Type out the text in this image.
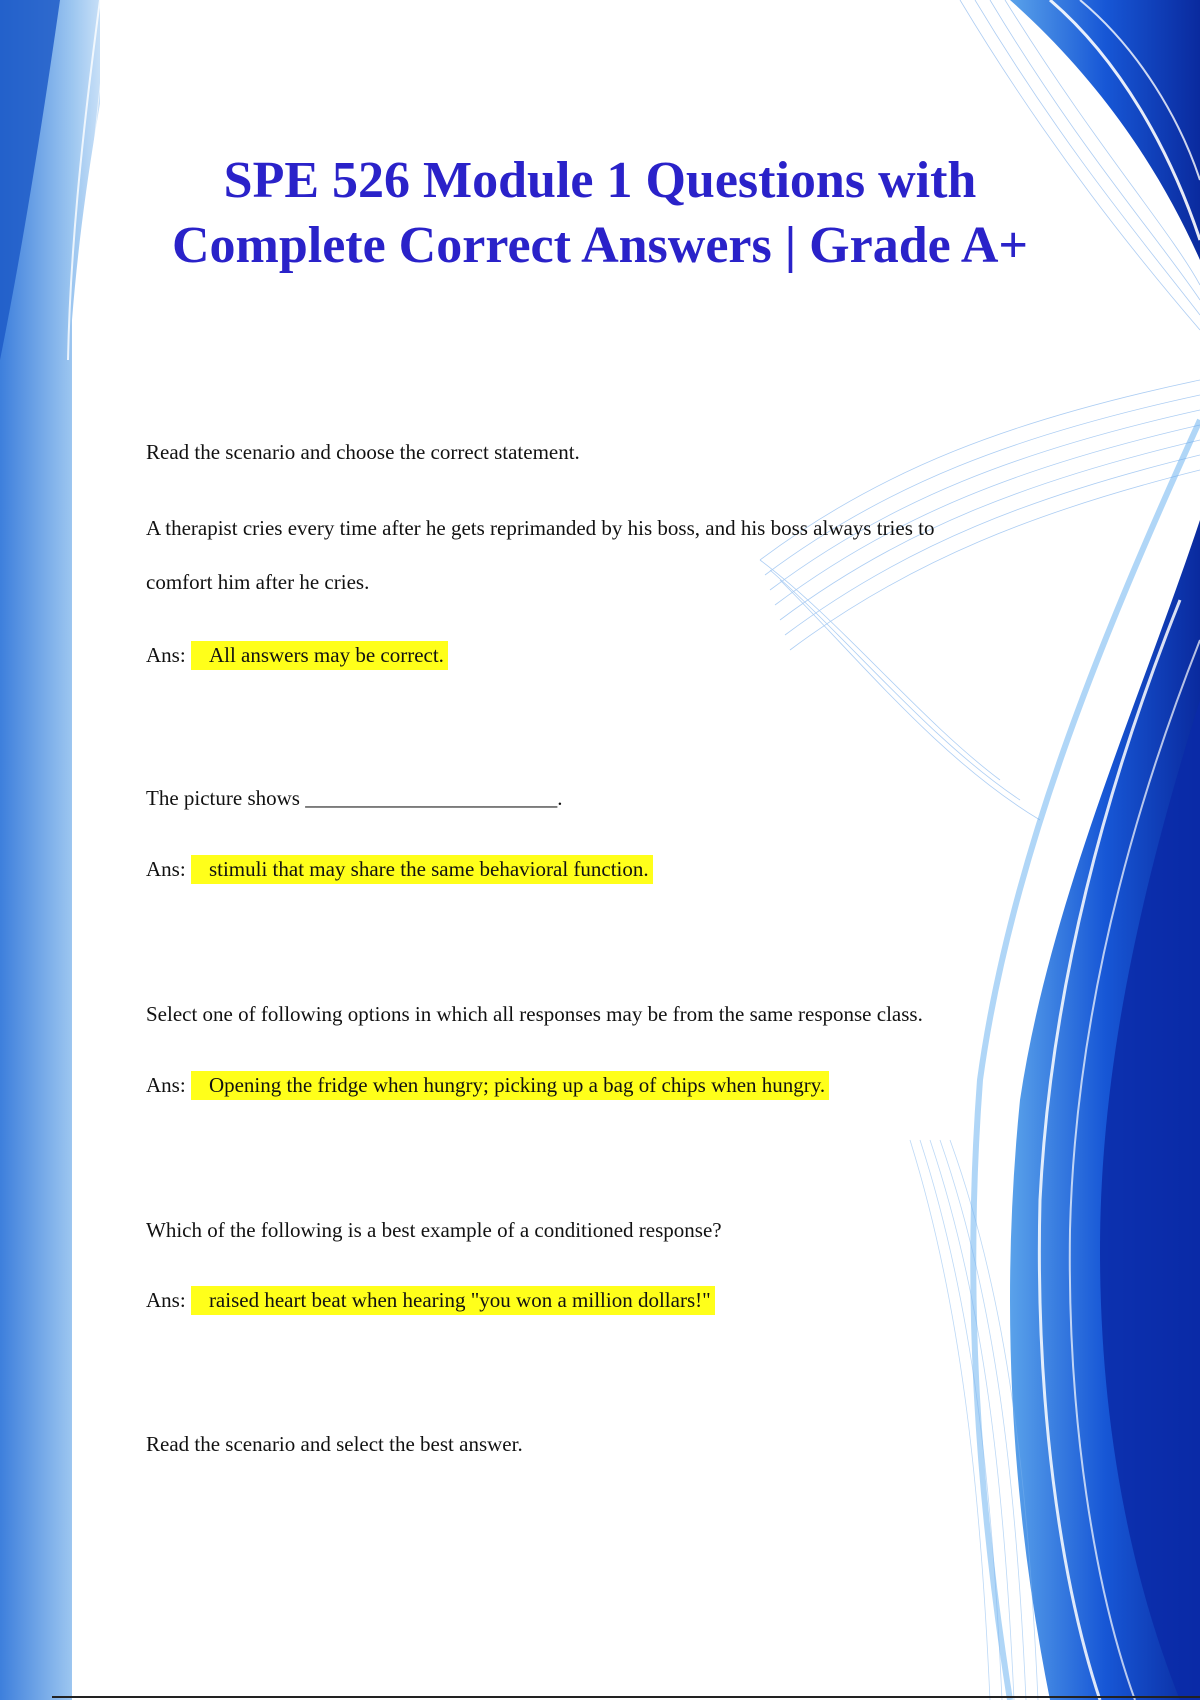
SPE 526 Module 1 Questions with Complete Correct Answers | Grade A+

Read the scenario and choose the correct statement.

A therapist cries every time after he gets reprimanded by his boss, and his boss always tries to

comfort him after he cries.

Ans: All answers may be correct.

The picture shows ________________________.

Ans: stimuli that may share the same behavioral function.

Select one of following options in which all responses may be from the same response class.

Ans: Opening the fridge when hungry; picking up a bag of chips when hungry.

Which of the following is a best example of a conditioned response?

Ans: raised heart beat when hearing "you won a million dollars!"

Read the scenario and select the best answer.
